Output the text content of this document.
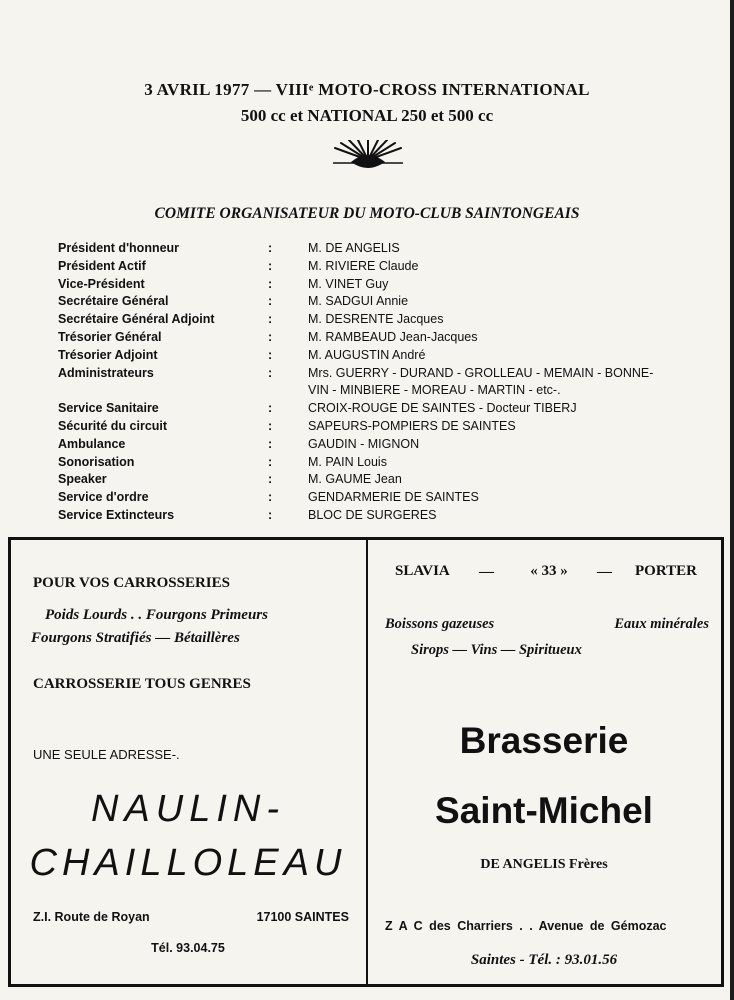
3 AVRIL 1977 — VIIIᵉ MOTO-CROSS INTERNATIONAL
500 cc et NATIONAL 250 et 500 cc
COMITE ORGANISATEUR DU MOTO-CLUB SAINTONGEAIS
Président d'honneur	:	M. DE ANGELIS
Président Actif	:	M. RIVIERE Claude
Vice-Président	:	M. VINET Guy
Secrétaire Général	:	M. SADGUI Annie
Secrétaire Général Adjoint	:	M. DESRENTE Jacques
Trésorier Général	:	M. RAMBEAUD Jean-Jacques
Trésorier Adjoint	:	M. AUGUSTIN André
Administrateurs	:	Mrs. GUERRY - DURAND - GROLLEAU - MEMAIN - BONNE-
VIN - MINBIERE - MOREAU - MARTIN - etc-.
Service Sanitaire	:	CROIX-ROUGE DE SAINTES - Docteur TIBERJ
Sécurité du circuit	:	SAPEURS-POMPIERS DE SAINTES
Ambulance	:	GAUDIN - MIGNON
Sonorisation	:	M. PAIN Louis
Speaker	:	M. GAUME Jean
Service d'ordre	:	GENDARMERIE DE SAINTES
Service Extincteurs	:	BLOC DE SURGERES
POUR VOS CARROSSERIES
Poids Lourds . . Fourgons Primeurs
Fourgons Stratifiés — Bétaillères
CARROSSERIE TOUS GENRES
UNE SEULE ADRESSE-.
NAULIN-
CHAILLOLEAU
Z.I. Route de Royan	17100 SAINTES
Tél. 93.04.75
SLAVIA —	« 33 »	— PORTER
Boissons gazeuses	Eaux minérales
Sirops — Vins — Spiritueux
Brasserie
Saint-Michel
DE ANGELIS Frères
Z A C des Charriers . . Avenue de Gémozac
Saintes - Tél. : 93.01.56
